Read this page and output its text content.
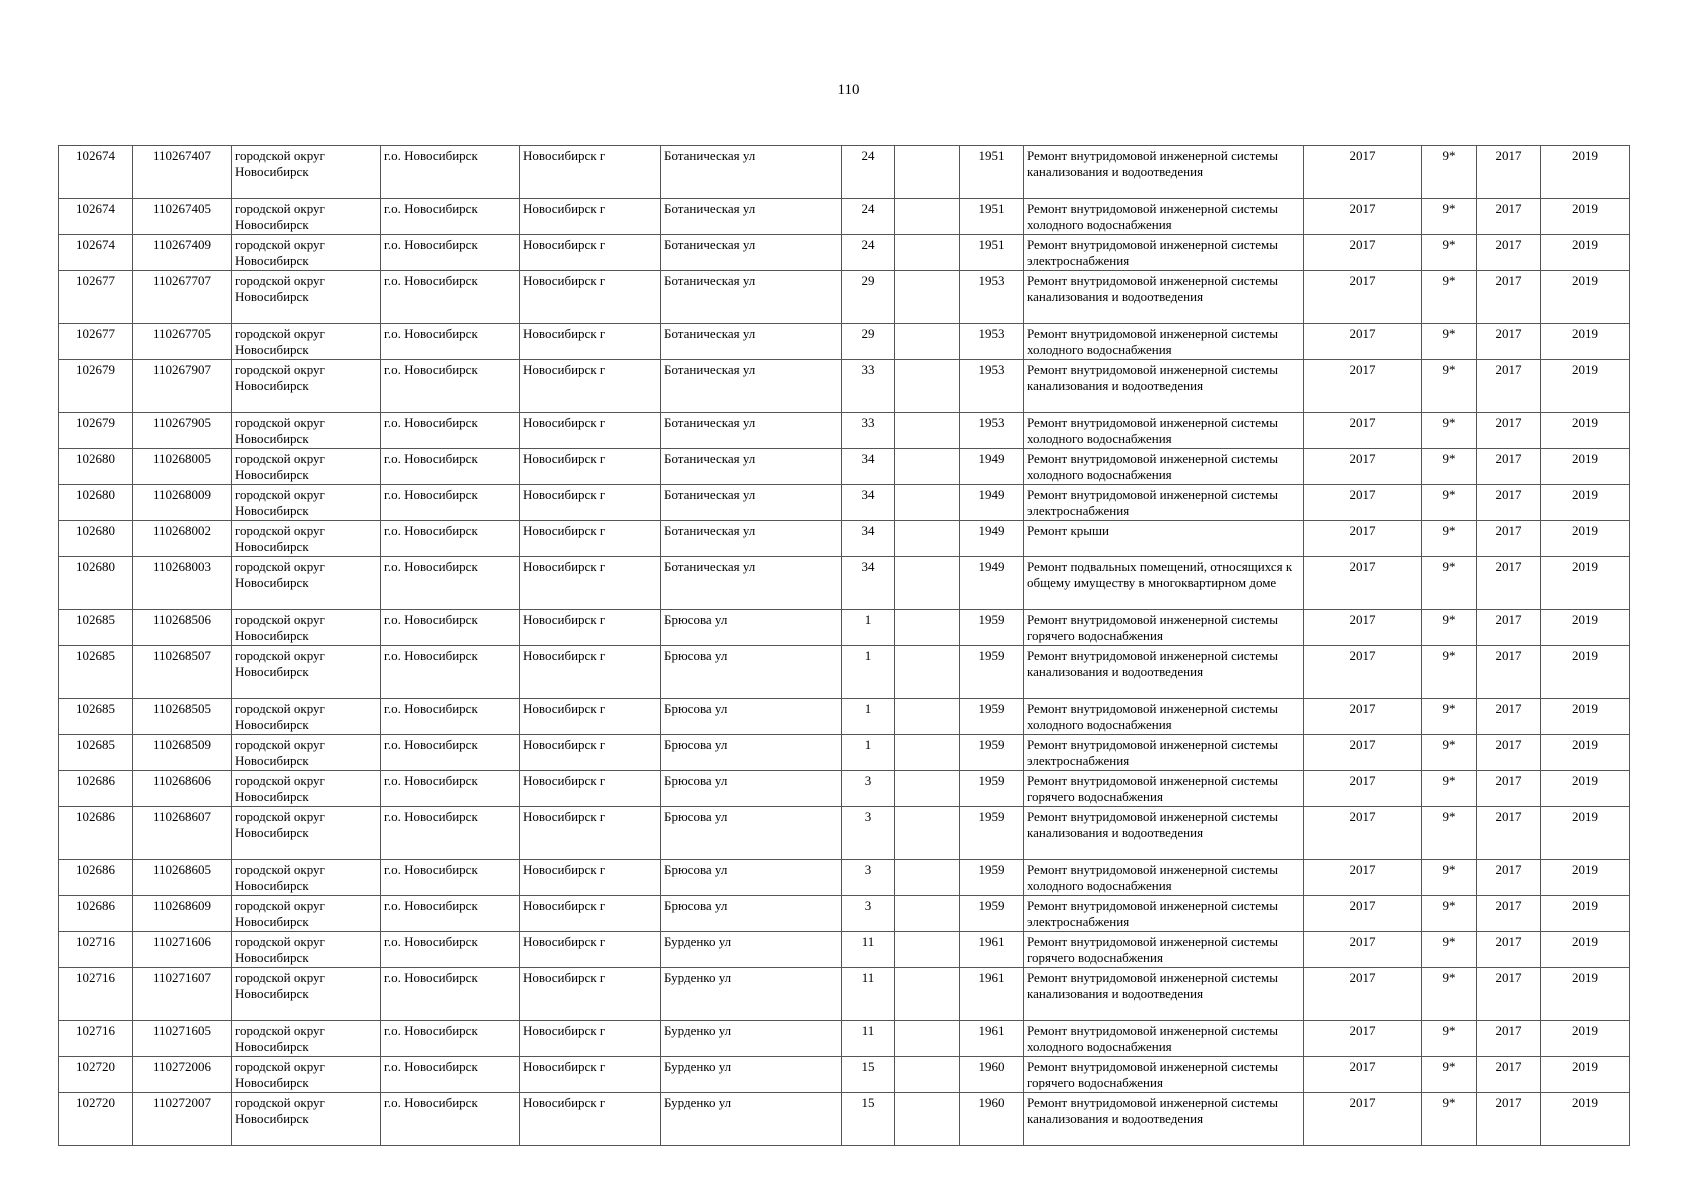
110
102674	110267407	городской округ Новосибирск	г.о. Новосибирск	Новосибирск г	Ботаническая ул	24		1951	Ремонт внутридомовой инженерной системы канализования и водоотведения	2017	9*	2017	2019
102674	110267405	городской округ Новосибирск	г.о. Новосибирск	Новосибирск г	Ботаническая ул	24		1951	Ремонт внутридомовой инженерной системы холодного водоснабжения	2017	9*	2017	2019
102674	110267409	городской округ Новосибирск	г.о. Новосибирск	Новосибирск г	Ботаническая ул	24		1951	Ремонт внутридомовой инженерной системы электроснабжения	2017	9*	2017	2019
102677	110267707	городской округ Новосибирск	г.о. Новосибирск	Новосибирск г	Ботаническая ул	29		1953	Ремонт внутридомовой инженерной системы канализования и водоотведения	2017	9*	2017	2019
102677	110267705	городской округ Новосибирск	г.о. Новосибирск	Новосибирск г	Ботаническая ул	29		1953	Ремонт внутридомовой инженерной системы холодного водоснабжения	2017	9*	2017	2019
102679	110267907	городской округ Новосибирск	г.о. Новосибирск	Новосибирск г	Ботаническая ул	33		1953	Ремонт внутридомовой инженерной системы канализования и водоотведения	2017	9*	2017	2019
102679	110267905	городской округ Новосибирск	г.о. Новосибирск	Новосибирск г	Ботаническая ул	33		1953	Ремонт внутридомовой инженерной системы холодного водоснабжения	2017	9*	2017	2019
102680	110268005	городской округ Новосибирск	г.о. Новосибирск	Новосибирск г	Ботаническая ул	34		1949	Ремонт внутридомовой инженерной системы холодного водоснабжения	2017	9*	2017	2019
102680	110268009	городской округ Новосибирск	г.о. Новосибирск	Новосибирск г	Ботаническая ул	34		1949	Ремонт внутридомовой инженерной системы электроснабжения	2017	9*	2017	2019
102680	110268002	городской округ Новосибирск	г.о. Новосибирск	Новосибирск г	Ботаническая ул	34		1949	Ремонт крыши	2017	9*	2017	2019
102680	110268003	городской округ Новосибирск	г.о. Новосибирск	Новосибирск г	Ботаническая ул	34		1949	Ремонт подвальных помещений, относящихся к общему имуществу в многоквартирном доме	2017	9*	2017	2019
102685	110268506	городской округ Новосибирск	г.о. Новосибирск	Новосибирск г	Брюсова ул	1		1959	Ремонт внутридомовой инженерной системы горячего водоснабжения	2017	9*	2017	2019
102685	110268507	городской округ Новосибирск	г.о. Новосибирск	Новосибирск г	Брюсова ул	1		1959	Ремонт внутридомовой инженерной системы канализования и водоотведения	2017	9*	2017	2019
102685	110268505	городской округ Новосибирск	г.о. Новосибирск	Новосибирск г	Брюсова ул	1		1959	Ремонт внутридомовой инженерной системы холодного водоснабжения	2017	9*	2017	2019
102685	110268509	городской округ Новосибирск	г.о. Новосибирск	Новосибирск г	Брюсова ул	1		1959	Ремонт внутридомовой инженерной системы электроснабжения	2017	9*	2017	2019
102686	110268606	городской округ Новосибирск	г.о. Новосибирск	Новосибирск г	Брюсова ул	3		1959	Ремонт внутридомовой инженерной системы горячего водоснабжения	2017	9*	2017	2019
102686	110268607	городской округ Новосибирск	г.о. Новосибирск	Новосибирск г	Брюсова ул	3		1959	Ремонт внутридомовой инженерной системы канализования и водоотведения	2017	9*	2017	2019
102686	110268605	городской округ Новосибирск	г.о. Новосибирск	Новосибирск г	Брюсова ул	3		1959	Ремонт внутридомовой инженерной системы холодного водоснабжения	2017	9*	2017	2019
102686	110268609	городской округ Новосибирск	г.о. Новосибирск	Новосибирск г	Брюсова ул	3		1959	Ремонт внутридомовой инженерной системы электроснабжения	2017	9*	2017	2019
102716	110271606	городской округ Новосибирск	г.о. Новосибирск	Новосибирск г	Бурденко ул	11		1961	Ремонт внутридомовой инженерной системы горячего водоснабжения	2017	9*	2017	2019
102716	110271607	городской округ Новосибирск	г.о. Новосибирск	Новосибирск г	Бурденко ул	11		1961	Ремонт внутридомовой инженерной системы канализования и водоотведения	2017	9*	2017	2019
102716	110271605	городской округ Новосибирск	г.о. Новосибирск	Новосибирск г	Бурденко ул	11		1961	Ремонт внутридомовой инженерной системы холодного водоснабжения	2017	9*	2017	2019
102720	110272006	городской округ Новосибирск	г.о. Новосибирск	Новосибирск г	Бурденко ул	15		1960	Ремонт внутридомовой инженерной системы горячего водоснабжения	2017	9*	2017	2019
102720	110272007	городской округ Новосибирск	г.о. Новосибирск	Новосибирск г	Бурденко ул	15		1960	Ремонт внутридомовой инженерной системы канализования и водоотведения	2017	9*	2017	2019
